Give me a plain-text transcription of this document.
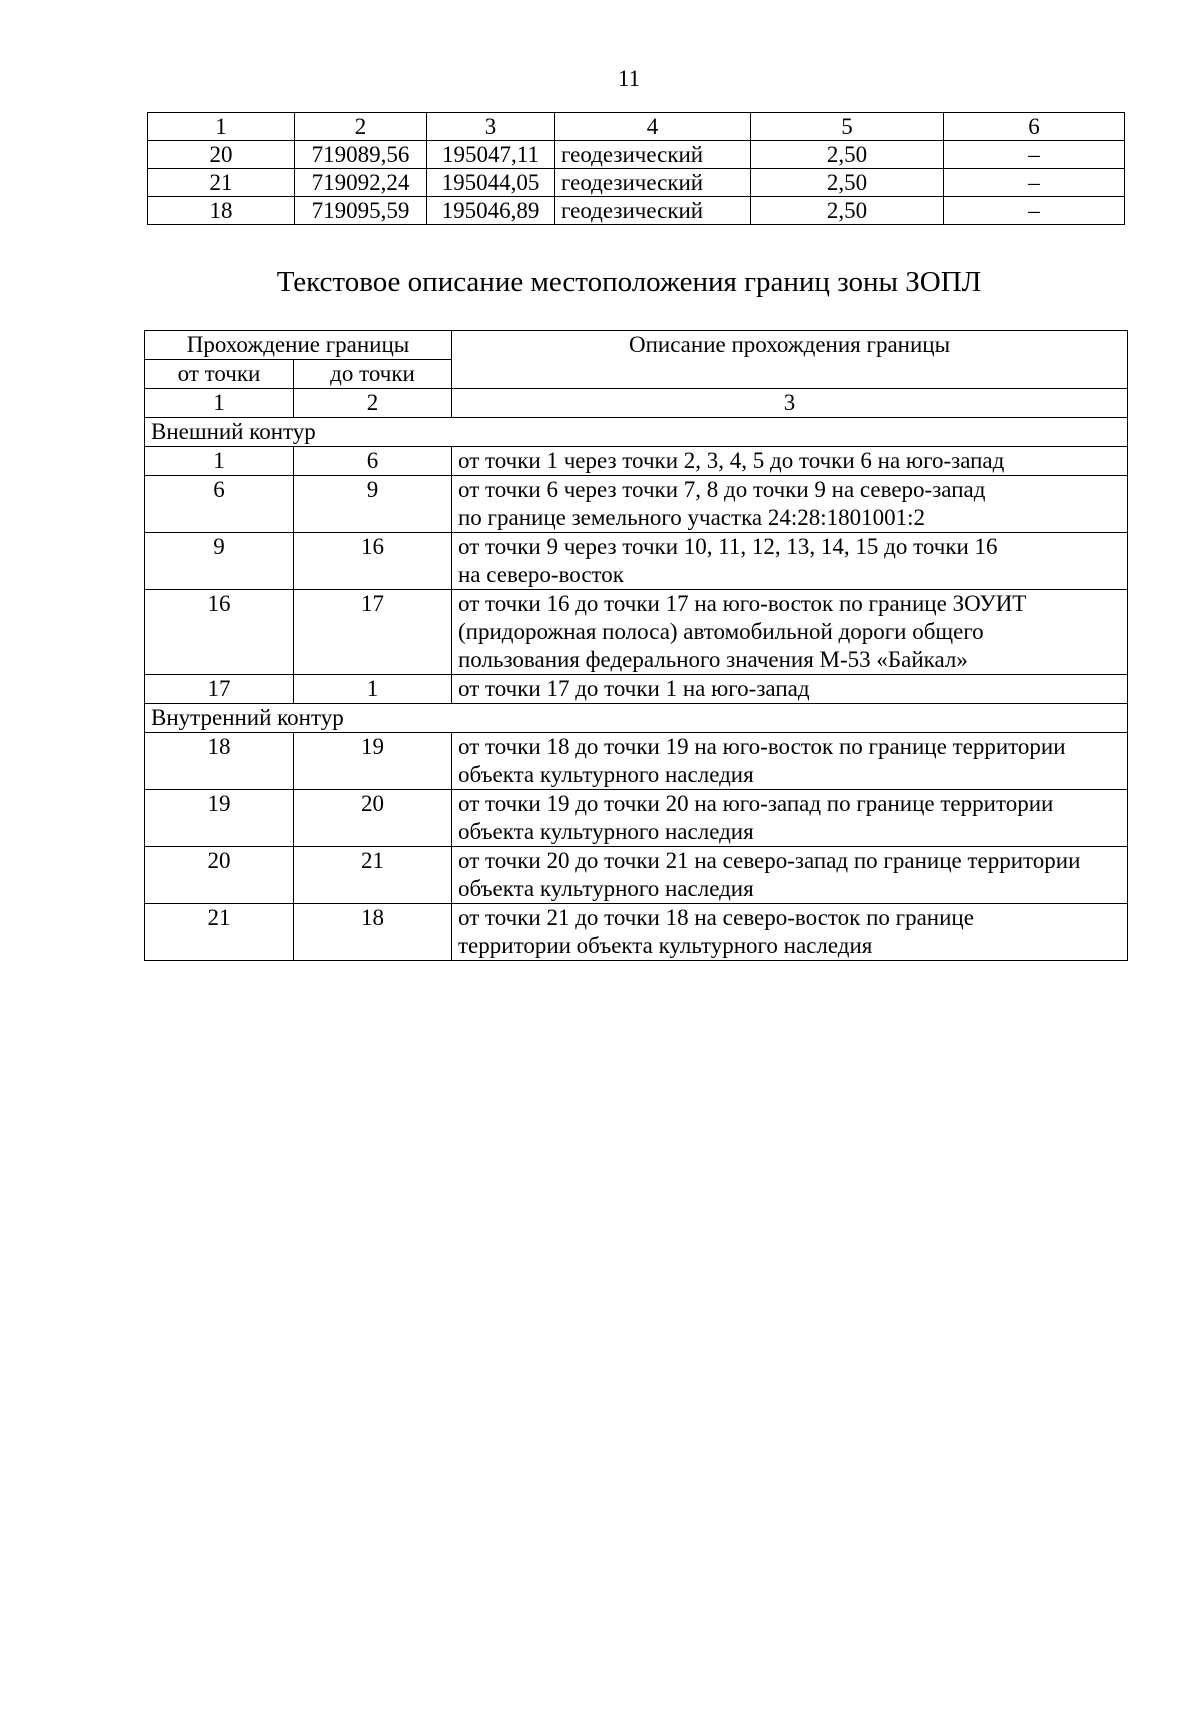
11
1	2	3	4	5	6
20	719089,56	195047,11	геодезический	2,50	–
21	719092,24	195044,05	геодезический	2,50	–
18	719095,59	195046,89	геодезический	2,50	–
Текстовое описание местоположения границ зоны ЗОПЛ
Прохождение границы		Описание прохождения границы
от точки	до точки	
1	2	3
Внешний контур		
1	6	от точки 1 через точки 2, 3, 4, 5 до точки 6 на юго-запад

6	9	от точки 6 через точки 7, 8 до точки 9 на северо-запад
по границе земельного участка 24:28:1801001:2

9	16	от точки 9 через точки 10, 11, 12, 13, 14, 15 до точки 16
на северо-восток

16	17	от точки 16 до точки 17 на юго-восток по границе ЗОУИТ
(придорожная полоса) автомобильной дороги общего
пользования федерального значения М-53 «Байкал»

17	1	от точки 17 до точки 1 на юго-запад

Внутренний контур		
18	19	от точки 18 до точки 19 на юго-восток по границе территории
объекта культурного наследия

19	20	от точки 19 до точки 20 на юго-запад по границе территории
объекта культурного наследия

20	21	от точки 20 до точки 21 на северо-запад по границе территории
объекта культурного наследия

21	18	от точки 21 до точки 18 на северо-восток по границе
территории объекта культурного наследия
